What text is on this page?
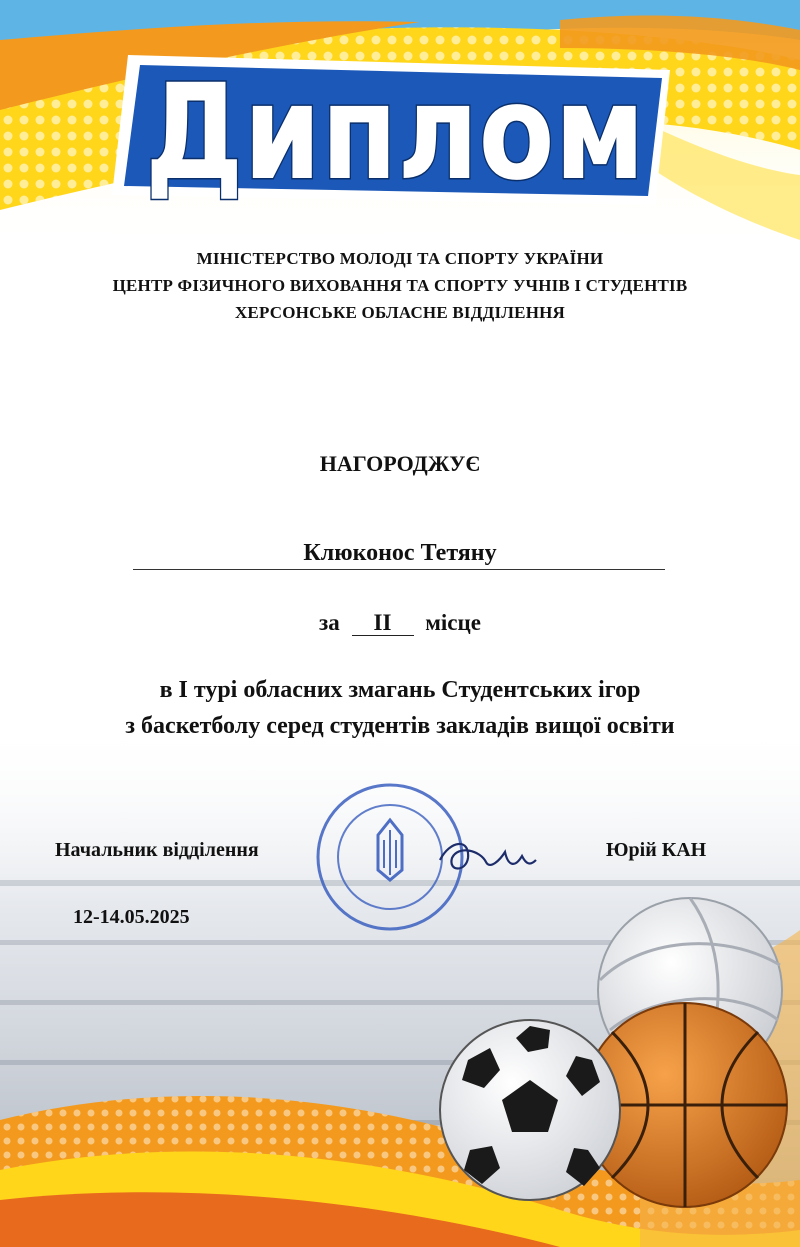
Диплом
МІНІСТЕРСТВО МОЛОДІ ТА СПОРТУ УКРАЇНИ
ЦЕНТР ФІЗИЧНОГО ВИХОВАННЯ ТА СПОРТУ УЧНІВ І СТУДЕНТІВ
ХЕРСОНСЬКЕ ОБЛАСНЕ ВІДДІЛЕННЯ
НАГОРОДЖУЄ
Клюконос Тетяну
за II місце
в І турі обласних змагань Студентських ігор
з баскетболу серед студентів закладів вищої освіти
Начальник відділення	Юрій КАН
12-14.05.2025
